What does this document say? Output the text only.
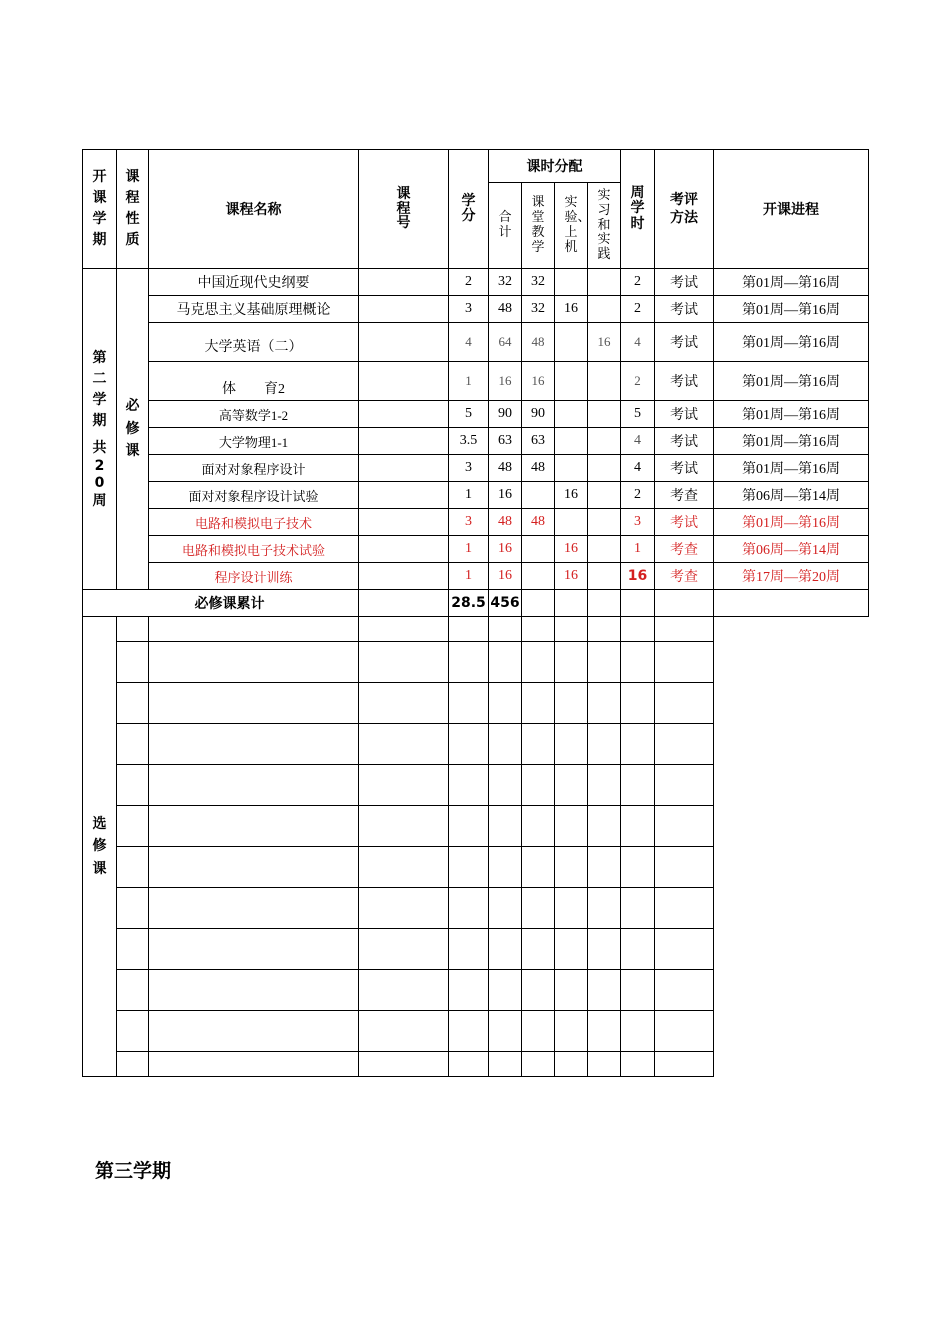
开课学期	课程性质	课程名称	课程号	学分	课时分配				周学时	考评方法	开课进程
					合计	课堂教学	实验、上机	实习和实践			
第二学期
共20周	必修课	中国近现代史纲要		2	32	32			2	考试	第01周—第16周
		马克思主义基础原理概论		3	48	32	16		2	考试	第01周—第16周
		大学英语（二）		4	64	48		16	4	考试	第01周—第16周
		体　　育2		1	16	16			2	考试	第01周—第16周
		高等数学1-2		5	90	90			5	考试	第01周—第16周
		大学物理1-1		3.5	63	63			4	考试	第01周—第16周
		面对对象程序设计		3	48	48			4	考试	第01周—第16周
		面对对象程序设计试验		1	16		16		2	考查	第06周—第14周
		电路和模拟电子技术		3	48	48			3	考试	第01周—第16周
		电路和模拟电子技术试验		1	16		16		1	考查	第06周—第14周
		程序设计训练		1	16		16		16	考查	第17周—第20周
		必修课累计		28.5	456						
选修课											

第三学期
